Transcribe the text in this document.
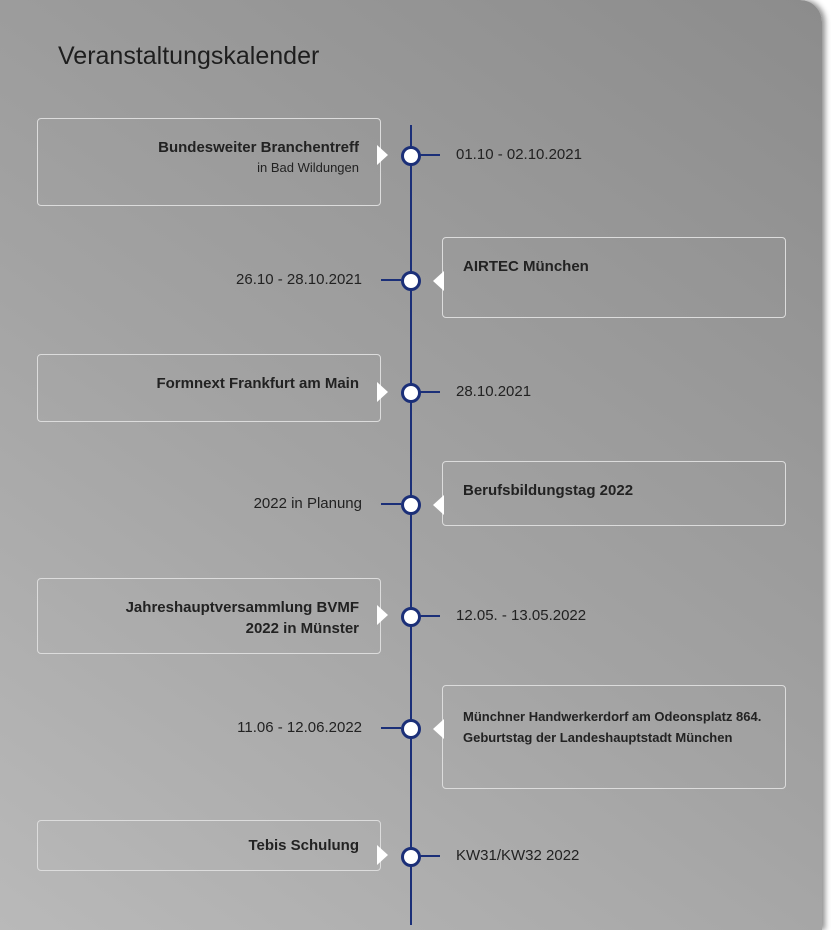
Veranstaltungskalender
Bundesweiter Branchentreff
in Bad Wildungen
01.10 - 02.10.2021
AIRTEC München
26.10 - 28.10.2021
Formnext Frankfurt am Main	28.10.2021
Berufsbildungstag 2022
2022 in Planung
Jahreshauptversammlung BVMF 2022 in Münster
12.05. - 13.05.2022
Münchner Handwerkerdorf am Odeonsplatz 864. Geburtstag der Landeshauptstadt München
11.06 - 12.06.2022
Tebis Schulung
KW31/KW32 2022
